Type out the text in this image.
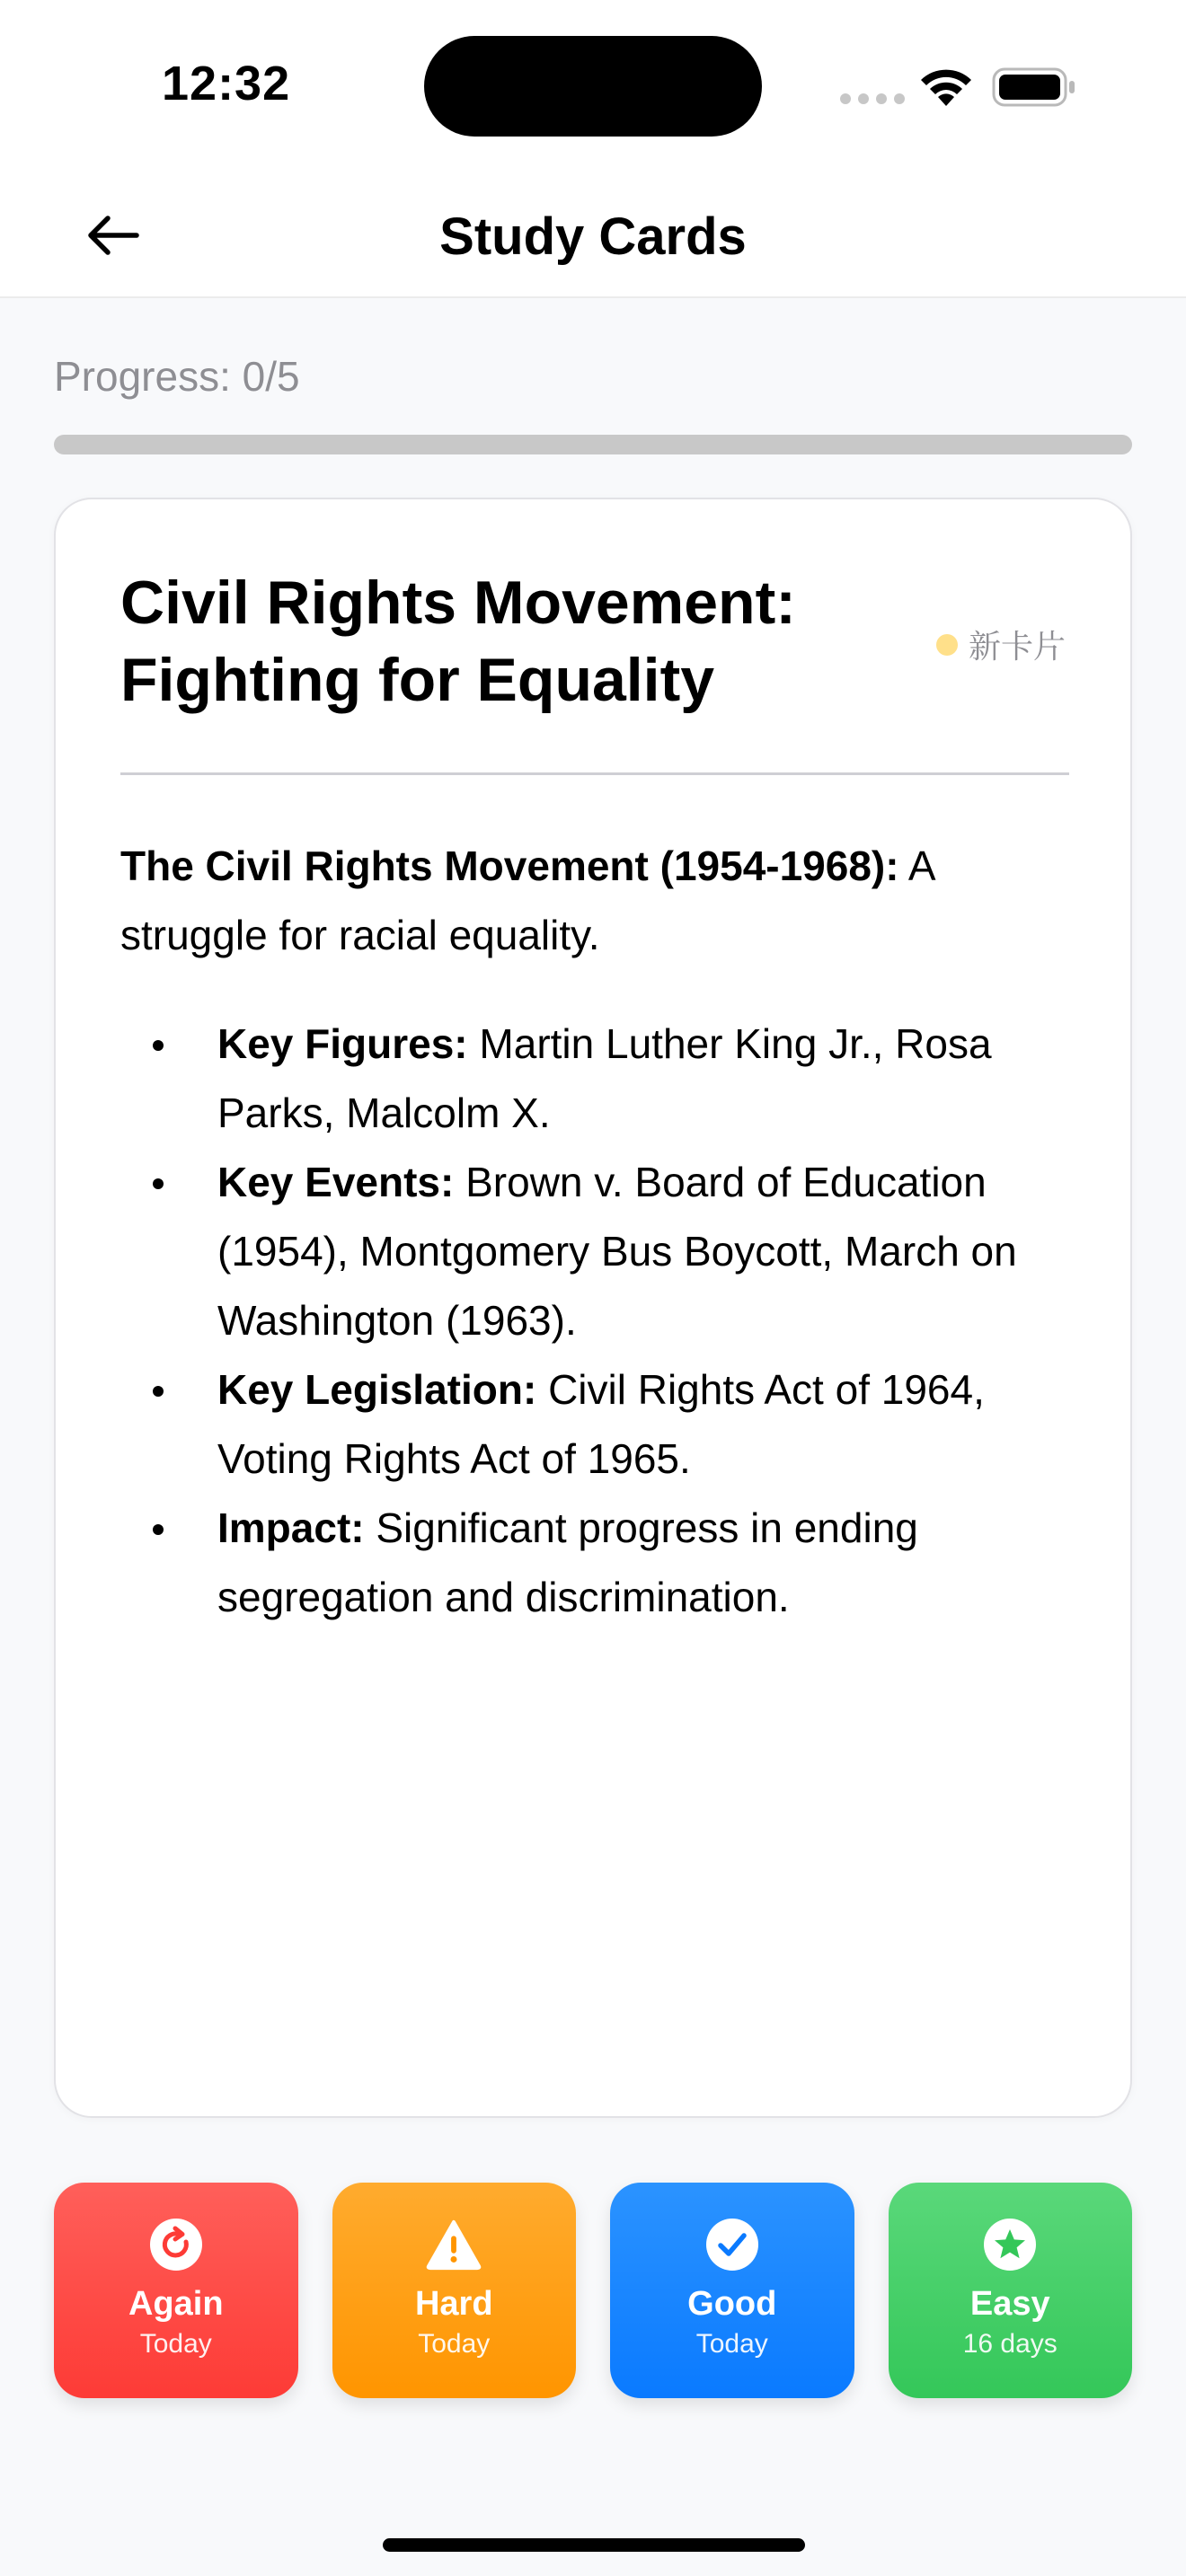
12:32
Study Cards
Progress: 0/5
Civil Rights Movement: Fighting for Equality	新卡片

The Civil Rights Movement (1954-1968): A struggle for racial equality.

Key Figures: Martin Luther King Jr., Rosa Parks, Malcolm X.
Key Events: Brown v. Board of Education (1954), Montgomery Bus Boycott, March on Washington (1963).
Key Legislation: Civil Rights Act of 1964, Voting Rights Act of 1965.
Impact: Significant progress in ending segregation and discrimination.
Again
Today
Hard
Today
Good
Today
Easy
16 days
